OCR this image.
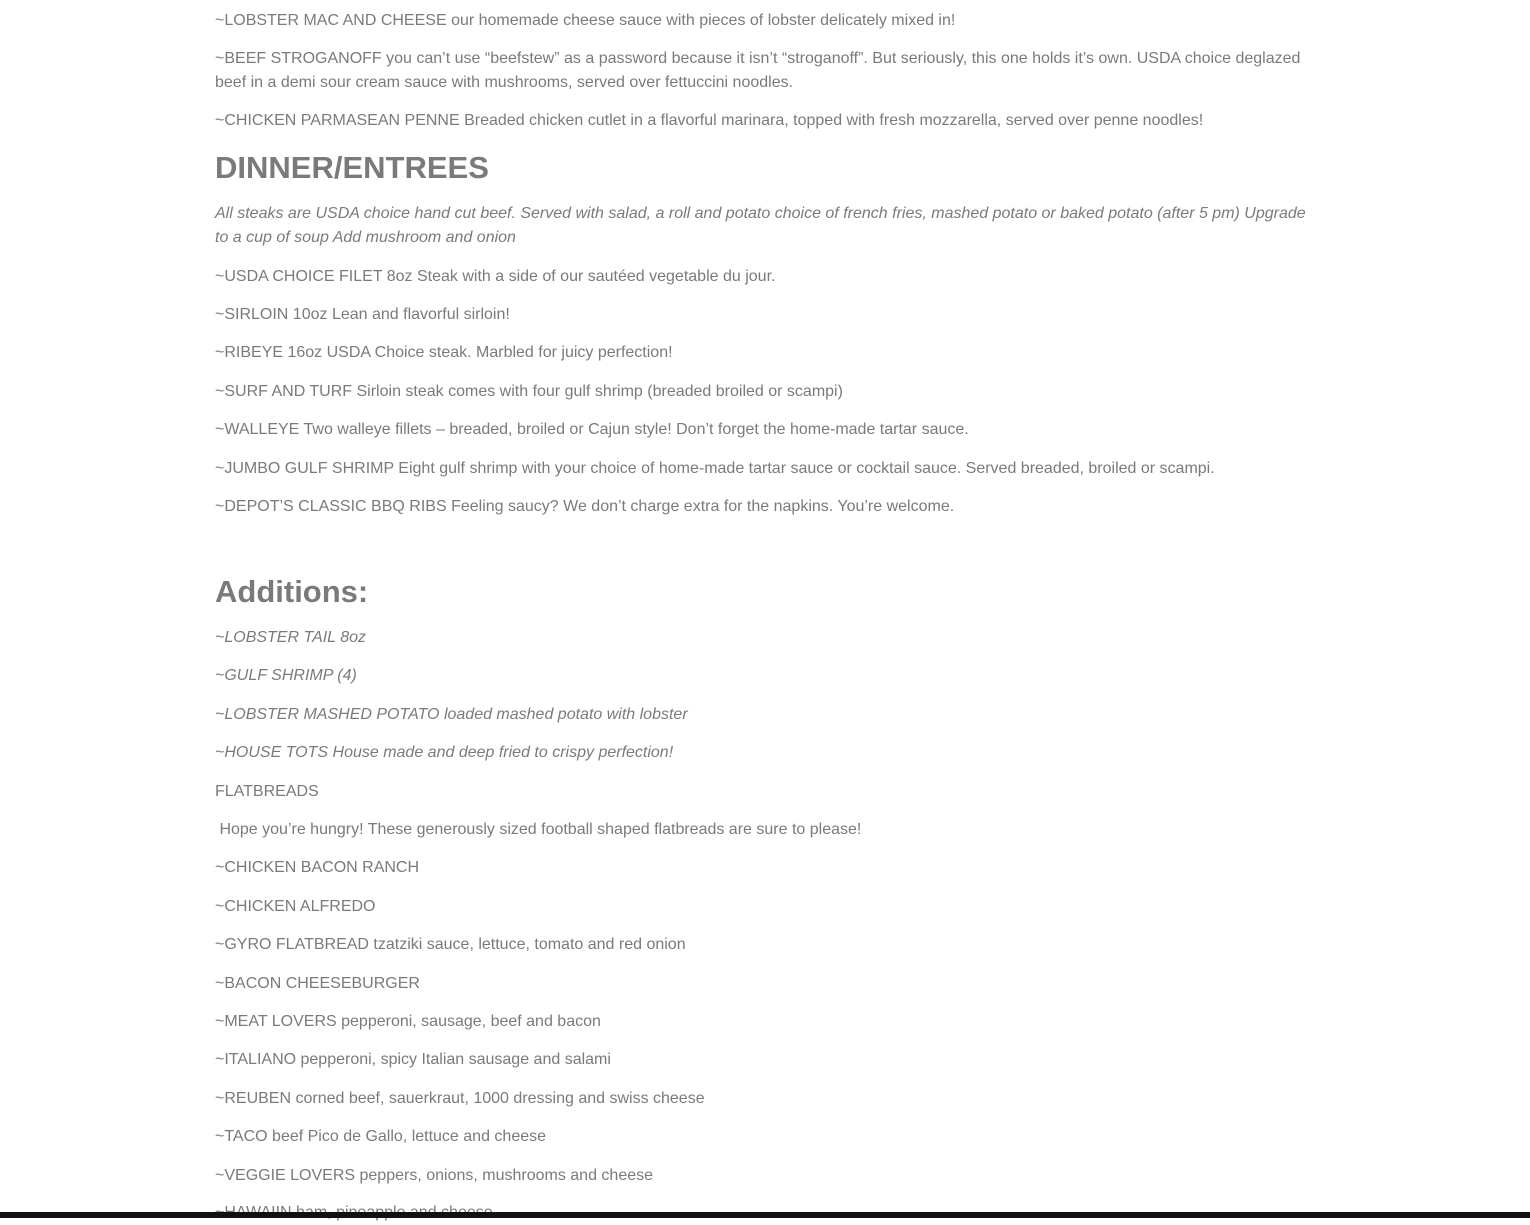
~LOBSTER MAC AND CHEESE our homemade cheese sauce with pieces of lobster delicately mixed in!

~BEEF STROGANOFF you can’t use “beefstew” as a password because it isn’t “stroganoff”. But seriously, this one holds it’s own. USDA choice deglazed beef in a demi sour cream sauce with mushrooms, served over fettuccini noodles.

~CHICKEN PARMASEAN PENNE Breaded chicken cutlet in a flavorful marinara, topped with fresh mozzarella, served over penne noodles!

DINNER/ENTREES

All steaks are USDA choice hand cut beef. Served with salad, a roll and potato choice of french fries, mashed potato or baked potato (after 5 pm) Upgrade to a cup of soup Add mushroom and onion

~USDA CHOICE FILET 8oz Steak with a side of our sautéed vegetable du jour.

~SIRLOIN 10oz Lean and flavorful sirloin!

~RIBEYE 16oz USDA Choice steak. Marbled for juicy perfection!

~SURF AND TURF Sirloin steak comes with four gulf shrimp (breaded broiled or scampi)

~WALLEYE Two walleye fillets – breaded, broiled or Cajun style! Don’t forget the home-made tartar sauce.

~JUMBO GULF SHRIMP Eight gulf shrimp with your choice of home-made tartar sauce or cocktail sauce. Served breaded, broiled or scampi.

~DEPOT’S CLASSIC BBQ RIBS Feeling saucy? We don’t charge extra for the napkins. You’re welcome.

Additions:

~LOBSTER TAIL 8oz

~GULF SHRIMP (4)

~LOBSTER MASHED POTATO loaded mashed potato with lobster

~HOUSE TOTS House made and deep fried to crispy perfection!

FLATBREADS

Hope you’re hungry! These generously sized football shaped flatbreads are sure to please!

~CHICKEN BACON RANCH

~CHICKEN ALFREDO

~GYRO FLATBREAD tzatziki sauce, lettuce, tomato and red onion

~BACON CHEESEBURGER

~MEAT LOVERS pepperoni, sausage, beef and bacon

~ITALIANO pepperoni, spicy Italian sausage and salami

~REUBEN corned beef, sauerkraut, 1000 dressing and swiss cheese

~TACO beef Pico de Gallo, lettuce and cheese

~VEGGIE LOVERS peppers, onions, mushrooms and cheese
